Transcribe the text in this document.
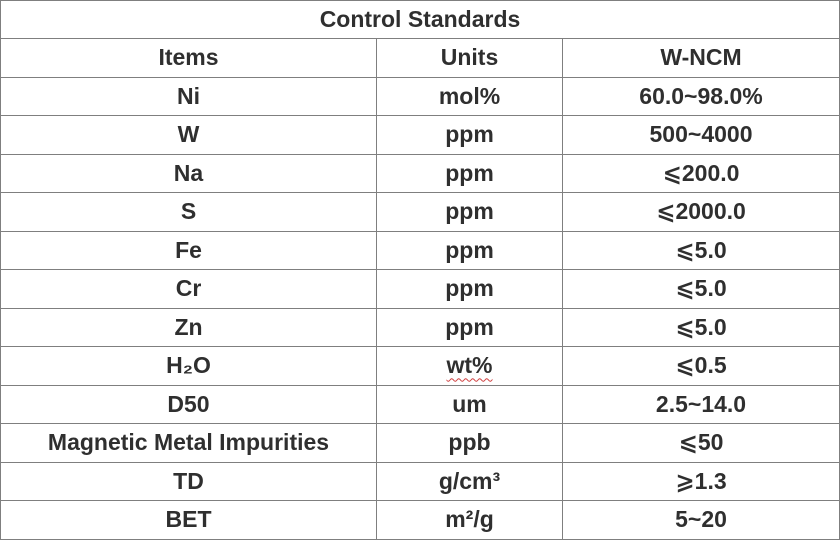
Control Standards		
Items	Units	W-NCM
Ni	mol%	60.0~98.0%
W	ppm	500~4000
Na	ppm	⩽200.0
S	ppm	⩽2000.0
Fe	ppm	⩽5.0
Cr	ppm	⩽5.0
Zn	ppm	⩽5.0
H₂O	wt%	⩽0.5
D50	um	2.5~14.0
Magnetic Metal Impurities	ppb	⩽50
TD	g/cm³	⩾1.3
BET	m²/g	5~20
